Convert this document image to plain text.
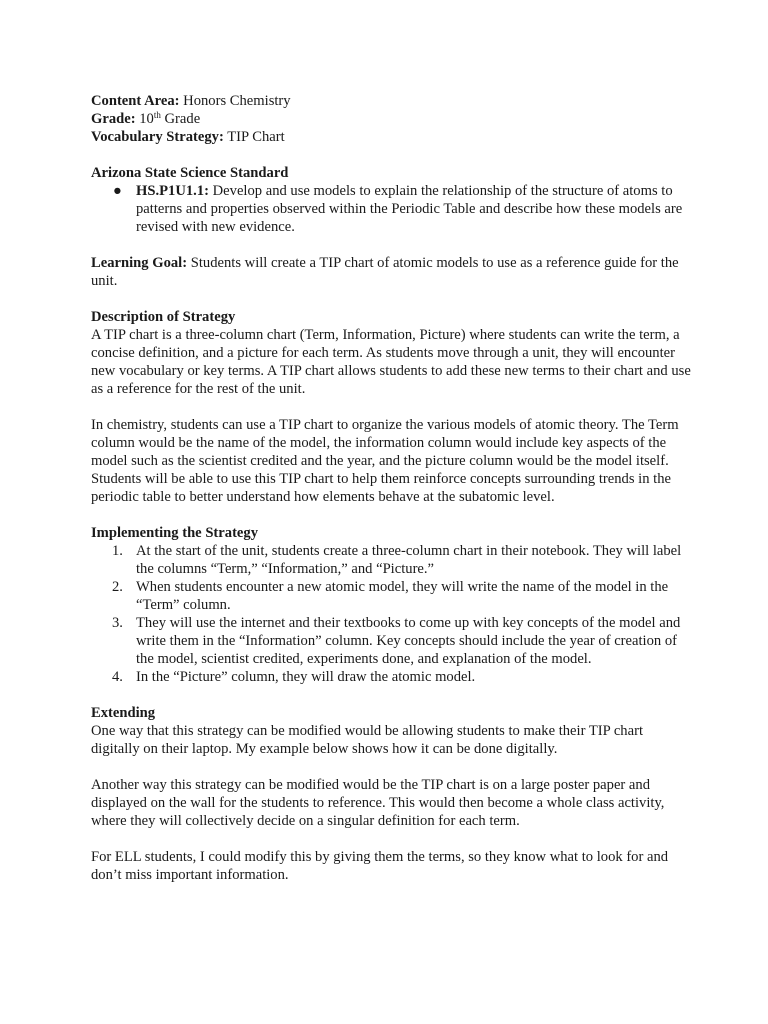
Content Area: Honors Chemistry

Grade: 10th Grade

Vocabulary Strategy: TIP Chart

Arizona State Science Standard

● HS.P1U1.1: Develop and use models to explain the relationship of the structure of atoms to patterns and properties observed within the Periodic Table and describe how these models are revised with new evidence.

Learning Goal: Students will create a TIP chart of atomic models to use as a reference guide for the unit.

Description of Strategy

A TIP chart is a three-column chart (Term, Information, Picture) where students can write the term, a concise definition, and a picture for each term. As students move through a unit, they will encounter new vocabulary or key terms. A TIP chart allows students to add these new terms to their chart and use as a reference for the rest of the unit.

In chemistry, students can use a TIP chart to organize the various models of atomic theory. The Term column would be the name of the model, the information column would include key aspects of the model such as the scientist credited and the year, and the picture column would be the model itself. Students will be able to use this TIP chart to help them reinforce concepts surrounding trends in the periodic table to better understand how elements behave at the subatomic level.

Implementing the Strategy

1. At the start of the unit, students create a three-column chart in their notebook. They will label the columns “Term,” “Information,” and “Picture.”
2. When students encounter a new atomic model, they will write the name of the model in the “Term” column.
3. They will use the internet and their textbooks to come up with key concepts of the model and write them in the “Information” column. Key concepts should include the year of creation of the model, scientist credited, experiments done, and explanation of the model.
4. In the “Picture” column, they will draw the atomic model.

Extending

One way that this strategy can be modified would be allowing students to make their TIP chart digitally on their laptop. My example below shows how it can be done digitally.

Another way this strategy can be modified would be the TIP chart is on a large poster paper and displayed on the wall for the students to reference. This would then become a whole class activity, where they will collectively decide on a singular definition for each term.

For ELL students, I could modify this by giving them the terms, so they know what to look for and don’t miss important information.
